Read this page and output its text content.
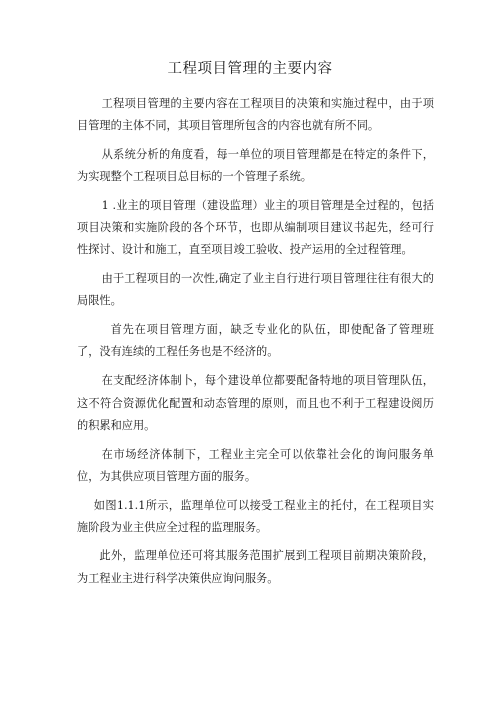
工程项目管理的主要内容

工程项目管理的主要内容在工程项目的决策和实施过程中，由于项目管理的主体不同，其项目管理所包含的内容也就有所不同。

从系统分析的角度看，每一单位的项目管理都是在特定的条件下，为实现整个工程项目总目标的一个管理子系统。

1 .业主的项目管理（建设监理）业主的项目管理是全过程的，包括项目决策和实施阶段的各个环节，也即从编制项目建议书起先，经可行性探讨、设计和施工，直至项目竣工验收、投产运用的全过程管理。

由于工程项目的一次性,确定了业主自行进行项目管理往往有很大的局限性。

首先在项目管理方面，缺乏专业化的队伍，即使配备了管理班了，没有连续的工程任务也是不经济的。

在支配经济体制卜，每个建设单位都要配备特地的项目管理队伍，这不符合资源优化配置和动态管理的原则，而且也不利于工程建设阅历的积累和应用。

在市场经济体制下，工程业主完全可以依靠社会化的询问服务单位，为其供应项目管理方面的服务。

如图1.1.1所示，监理单位可以接受工程业主的托付，在工程项目实施阶段为业主供应全过程的监理服务。

此外，监理单位还可将其服务范围扩展到工程项目前期决策阶段，为工程业主进行科学决策供应询问服务。
